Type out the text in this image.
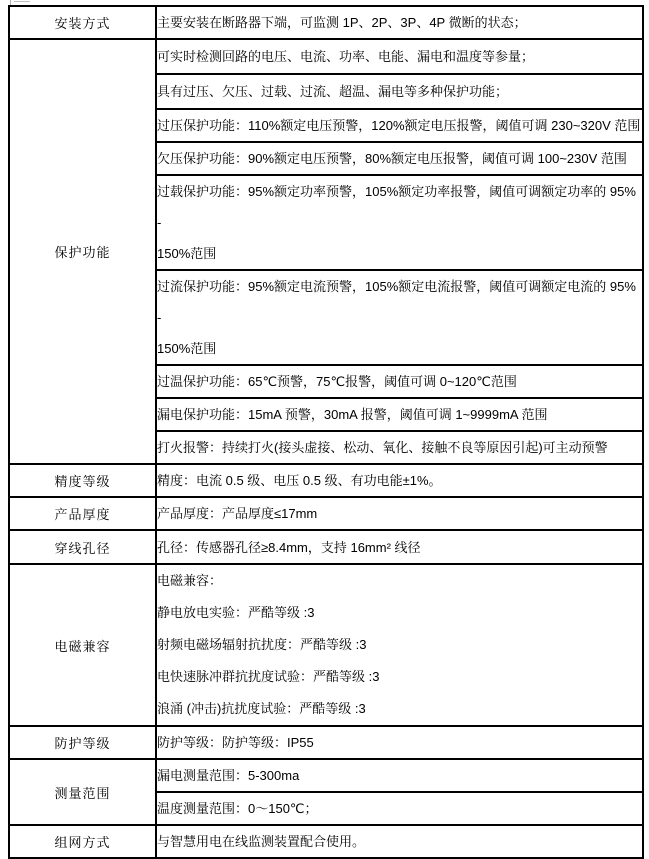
安装方式	主要安装在断路器下端，可监测 1P、2P、3P、4P 微断的状态；

保护功能	可实时检测回路的电压、电流、功率、电能、漏电和温度等参量；

	具有过压、欠压、过载、过流、超温、漏电等多种保护功能；

	过压保护功能：110%额定电压预警，120%额定电压报警，阈值可调 230~320V 范围

	欠压保护功能：90%额定电压预警，80%额定电压报警，阈值可调 100~230V 范围

	过载保护功能：95%额定功率预警，105%额定功率报警，阈值可调额定功率的 95% -
150%范围

	过流保护功能：95%额定电流预警，105%额定电流报警，阈值可调额定电流的 95% -
150%范围

	过温保护功能：65℃预警，75℃报警，阈值可调 0~120℃范围

	漏电保护功能：15mA 预警，30mA 报警，阈值可调 1~9999mA 范围

	打火报警：持续打火(接头虚接、松动、氧化、接触不良等原因引起)可主动预警

精度等级	精度：电流 0.5 级、电压 0.5 级、有功电能±1%。

产品厚度	产品厚度：产品厚度≤17mm

穿线孔径	孔径：传感器孔径≥8.4mm，支持 16mm² 线径

电磁兼容	电磁兼容：
静电放电实验：严酷等级 :3
射频电磁场辐射抗扰度：严酷等级 :3
电快速脉冲群抗扰度试验：严酷等级 :3
浪涌 (冲击)抗扰度试验：严酷等级 :3

防护等级	防护等级：防护等级：IP55

测量范围	漏电测量范围：5-300ma

	温度测量范围：0～150℃；

组网方式	与智慧用电在线监测装置配合使用。
